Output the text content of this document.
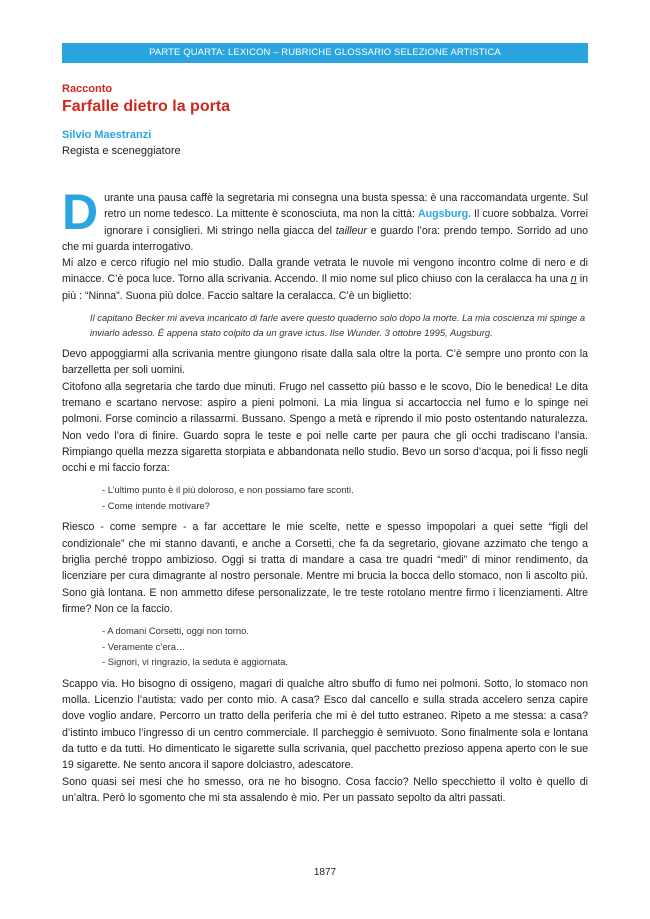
PARTE QUARTA: LEXICON – RUBRICHE GLOSSARIO SELEZIONE ARTISTICA
Racconto
Farfalle dietro la porta
Silvio Maestranzi
Regista e sceneggiatore

Durante una pausa caffè la segretaria mi consegna una busta spessa: è una raccomandata urgente. Sul retro un nome tedesco. La mittente è sconosciuta, ma non la città: Augsburg. Il cuore sobbalza. Vorrei ignorare i consiglieri. Mi stringo nella giacca del tailleur e guardo l’ora: prendo tempo. Sorrido ad uno che mi guarda interrogativo.

Mi alzo e cerco rifugio nel mio studio. Dalla grande vetrata le nuvole mi vengono incontro colme di nero e di minacce. C’è poca luce. Torno alla scrivania. Accendo. Il mio nome sul plico chiuso con la ceralacca ha una n in più : “Ninna”. Suona più dolce. Faccio saltare la ceralacca. C’è un biglietto:

Il capitano Becker mi aveva incaricato di farle avere questo quaderno solo dopo la morte. La mia coscienza mi spinge a inviarlo adesso. È appena stato colpito da un grave ictus. Ilse Wunder. 3 ottobre 1995, Augsburg.

Devo appoggiarmi alla scrivania mentre giungono risate dalla sala oltre la porta. C’è sempre uno pronto con la barzelletta per soli uomini.

Citofono alla segretaria che tardo due minuti. Frugo nel cassetto più basso e le scovo, Dio le benedica! Le dita tremano e scartano nervose: aspiro a pieni polmoni. La mia lingua si accartoccia nel fumo e lo spinge nei polmoni. Forse comincio a rilassarmi. Bussano. Spengo a metà e riprendo il mio posto ostentando naturalezza. Non vedo l’ora di finire. Guardo sopra le teste e poi nelle carte per paura che gli occhi tradiscano l’ansia. Rimpiango quella mezza sigaretta storpiata e abbandonata nello studio. Bevo un sorso d’acqua, poi li fisso negli occhi e mi faccio forza:

- L’ultimo punto è il più doloroso, e non possiamo fare sconti.
- Come intende motivare?

Riesco - come sempre - a far accettare le mie scelte, nette e spesso impopolari a quei sette “figli del condizionale” che mi stanno davanti, e anche a Corsetti, che fa da segretario, giovane azzimato che tengo a briglia perché troppo ambizioso. Oggi si tratta di mandare a casa tre quadri “medi” di minor rendimento, da licenziare per cura dimagrante al nostro personale. Mentre mi brucia la bocca dello stomaco, non li ascolto più. Sono già lontana. E non ammetto difese personalizzate, le tre teste rotolano mentre firmo i licenziamenti. Altre firme? Non ce la faccio.

- A domani Corsetti, oggi non torno.
- Veramente c’era…
- Signori, vi ringrazio, la seduta è aggiornata.

Scappo via. Ho bisogno di ossigeno, magari di qualche altro sbuffo di fumo nei polmoni. Sotto, lo stomaco non molla. Licenzio l’autista: vado per conto mio. A casa? Esco dal cancello e sulla strada accelero senza capire dove voglio andare. Percorro un tratto della periferia che mi è del tutto estraneo. Ripeto a me stessa: a casa? d’istinto imbuco l’ingresso di un centro commerciale. Il parcheggio è semivuoto. Sono finalmente sola e lontana da tutto e da tutti. Ho dimenticato le sigarette sulla scrivania, quel pacchetto prezioso appena aperto con le sue 19 sigarette. Ne sento ancora il sapore dolciastro, adescatore.

Sono quasi sei mesi che ho smesso, ora ne ho bisogno. Cosa faccio? Nello specchietto il volto è quello di un’altra. Però lo sgomento che mi sta assalendo è mio. Per un passato sepolto da altri passati.

1877
